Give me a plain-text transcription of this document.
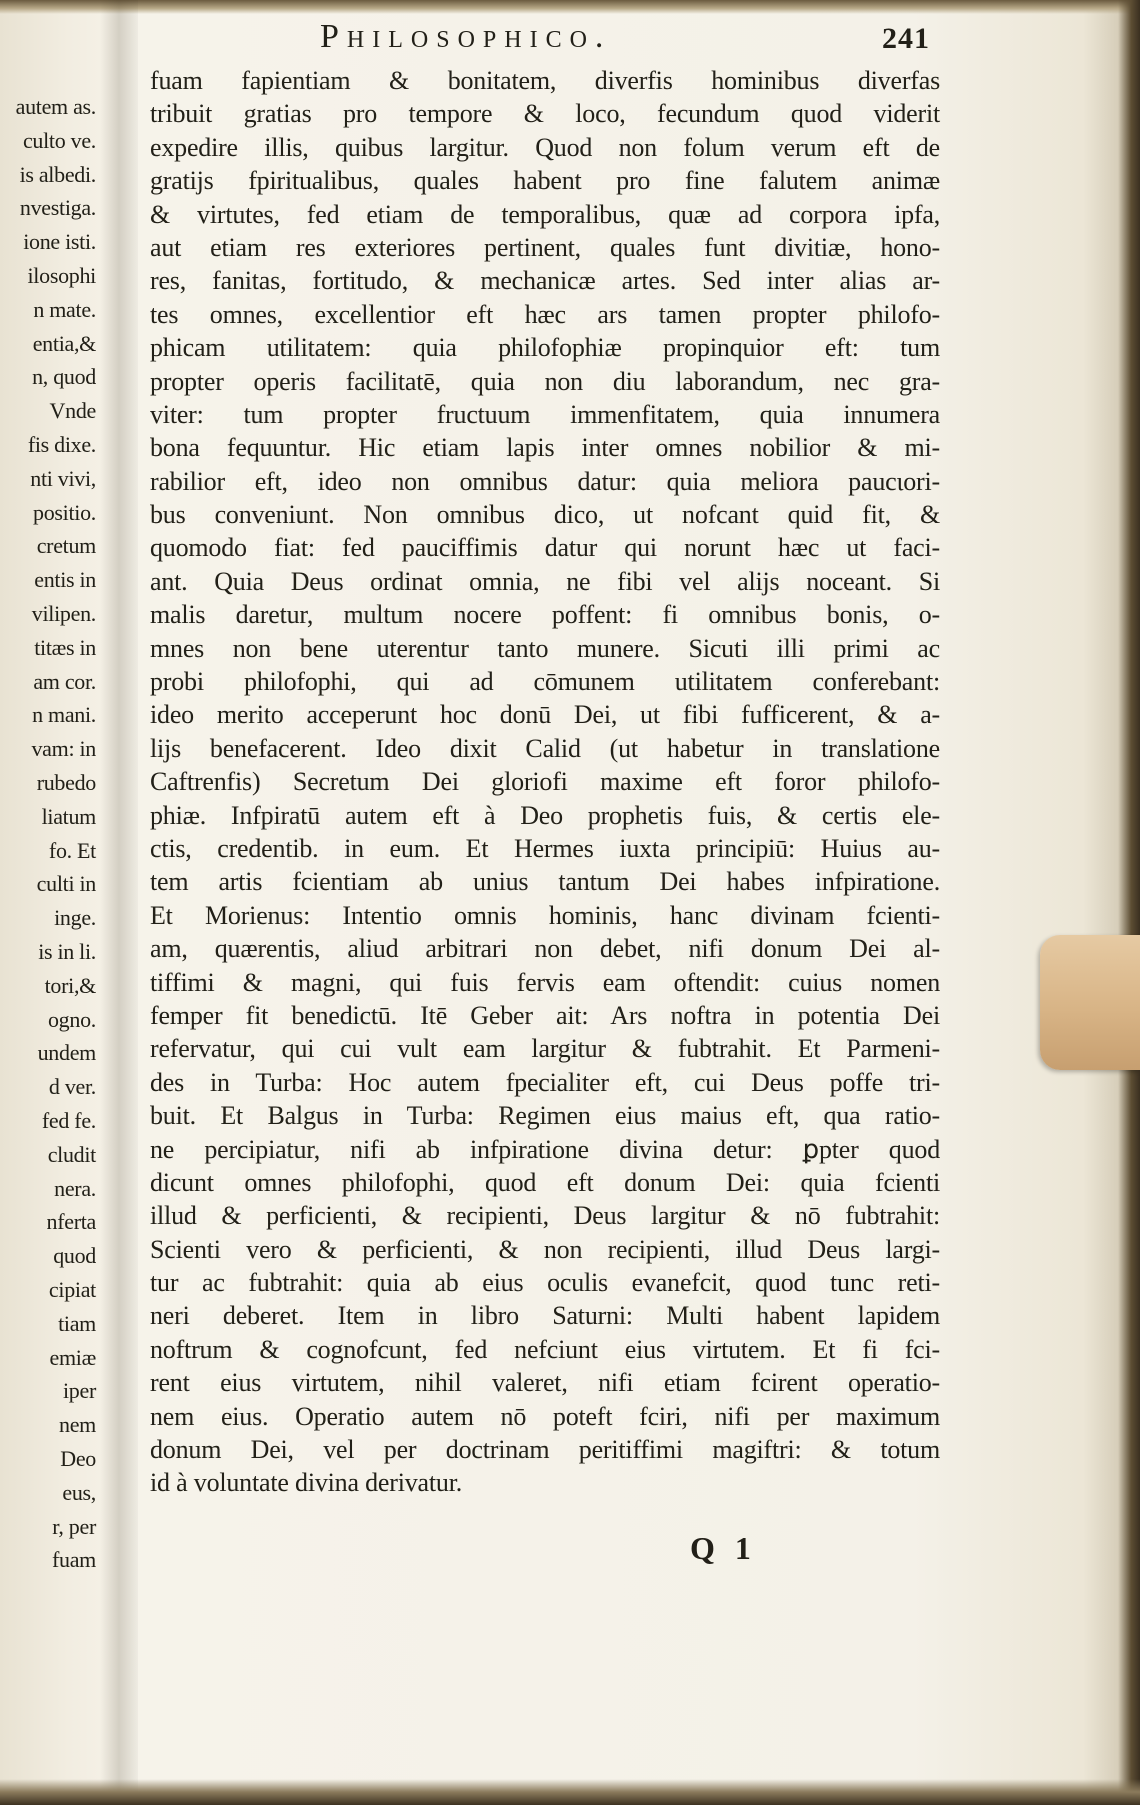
autem as.
culto ve.
is albedi.
nvestiga.
ione isti.
ilosophi
n mate.
entia,&
n, quod
Vnde
fis dixe.
nti vivi,
positio.
cretum
entis in
vilipen.
titæs in
am cor.
n mani.
vam: in
rubedo
liatum
fo. Et
culti in
inge.
is in li.
tori,&
ogno.
undem
d ver.
fed fe.
cludit
nera.
nferta
quod
cipiat
tiam
emiæ
iper
nem
Deo
eus,
r, per
fuam
Philosophico.	241
fuam fapientiam & bonitatem, diverfis hominibus diverfas
tribuit gratias pro tempore & loco, fecundum quod viderit
expedire illis, quibus largitur. Quod non folum verum eft de
gratijs fpiritualibus, quales habent pro fine falutem animæ
& virtutes, fed etiam de temporalibus, quæ ad corpora ipfa,
aut etiam res exteriores pertinent, quales funt divitiæ, hono-
res, fanitas, fortitudo, & mechanicæ artes. Sed inter alias ar-
tes omnes, excellentior eft hæc ars tamen propter philofo-
phicam utilitatem: quia philofophiæ propinquior eft: tum
propter operis facilitatē, quia non diu laborandum, nec gra-
viter: tum propter fructuum immenfitatem, quia innumera
bona fequuntur. Hic etiam lapis inter omnes nobilior & mi-
rabilior eft, ideo non omnibus datur: quia meliora paucιori-
bus conveniunt. Non omnibus dico, ut nofcant quid fit, &
quomodo fiat: fed pauciffimis datur qui norunt hæc ut faci-
ant. Quia Deus ordinat omnia, ne fibi vel alijs noceant. Si
malis daretur, multum nocere poffent: fi omnibus bonis, o-
mnes non bene uterentur tanto munere. Sicuti illi primi ac
probi philofophi, qui ad cōmunem utilitatem conferebant:
ideo merito acceperunt hoc donū Dei, ut fibi fufficerent, & a-
lijs benefacerent. Ideo dixit Calid (ut habetur in translatione
Caftrenfis) Secretum Dei gloriofi maxime eft foror philofo-
phiæ. Infpiratū autem eft à Deo prophetis fuis, & certis ele-
ctis, credentib. in eum. Et Hermes iuxta principiū: Huius au-
tem artis fcientiam ab unius tantum Dei habes infpiratione.
Et Morienus: Intentio omnis hominis, hanc divinam fcienti-
am, quærentis, aliud arbitrari non debet, nifi donum Dei al-
tiffimi & magni, qui fuis fervis eam oftendit: cuius nomen
femper fit benedictū. Itē Geber ait: Ars noftra in potentia Dei
refervatur, qui cui vult eam largitur & fubtrahit. Et Parmeni-
des in Turba: Hoc autem fpecialiter eft, cui Deus poffe tri-
buit. Et Balgus in Turba: Regimen eius maius eft, qua ratio-
ne percipiatur, nifi ab infpiratione divina detur: ꝑpter quod
dicunt omnes philofophi, quod eft donum Dei: quia fcienti
illud & perficienti, & recipienti, Deus largitur & nō fubtrahit:
Scienti vero & perficienti, & non recipienti, illud Deus largi-
tur ac fubtrahit: quia ab eius oculis evanefcit, quod tunc reti-
neri deberet. Item in libro Saturni: Multi habent lapidem
noftrum & cognofcunt, fed nefciunt eius virtutem. Et fi fci-
rent eius virtutem, nihil valeret, nifi etiam fcirent operatio-
nem eius. Operatio autem nō poteft fciri, nifi per maximum
donum Dei, vel per doctrinam peritiffimi magiftri: & totum
id à voluntate divina derivatur.
Q 1
